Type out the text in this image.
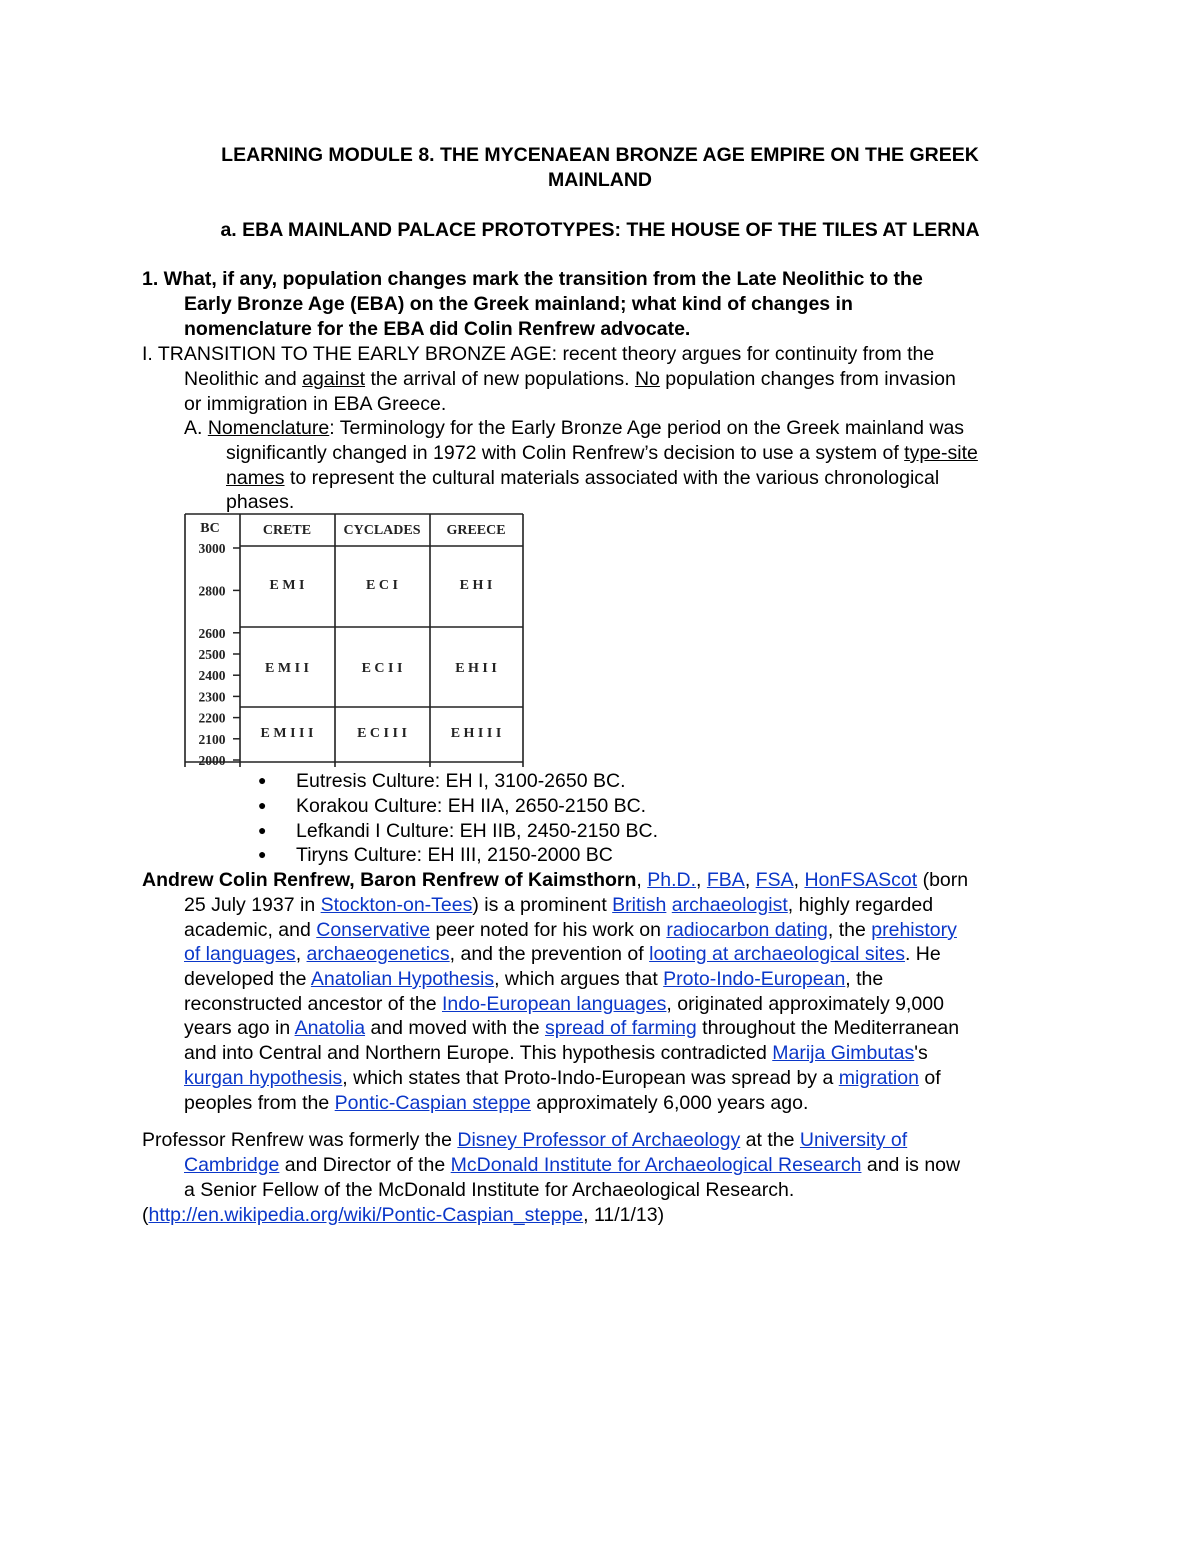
LEARNING MODULE 8. THE MYCENAEAN BRONZE AGE EMPIRE ON THE GREEK
MAINLAND
a. EBA MAINLAND PALACE PROTOTYPES: THE HOUSE OF THE TILES AT LERNA
1. What, if any, population changes mark the transition from the Late Neolithic to the
Early Bronze Age (EBA) on the Greek mainland; what kind of changes in
nomenclature for the EBA did Colin Renfrew advocate.
I. TRANSITION TO THE EARLY BRONZE AGE: recent theory argues for continuity from the
Neolithic and against the arrival of new populations. No population changes from invasion
or immigration in EBA Greece.
A. Nomenclature: Terminology for the Early Bronze Age period on the Greek mainland was
significantly changed in 1972 with Colin Renfrew’s decision to use a system of type-site
names to represent the cultural materials associated with the various chronological
phases.
BC	CRETE CYCLADES GREECE
3000
2800
2600
2500
2400
2300
2200
2100
2000
E M I	E C I	E H I
E M I I	E C I I	E H I I
E M I I I	E C I I I	E H I I I
● Eutresis Culture: EH I, 3100-2650 BC.
● Korakou Culture: EH IIA, 2650-2150 BC.
● Lefkandi I Culture: EH IIB, 2450-2150 BC.
● Tiryns Culture: EH III, 2150-2000 BC
Andrew Colin Renfrew, Baron Renfrew of Kaimsthorn, Ph.D., FBA, FSA, HonFSAScot (born
25 July 1937 in Stockton-on-Tees) is a prominent British archaeologist, highly regarded
academic, and Conservative peer noted for his work on radiocarbon dating, the prehistory
of languages, archaeogenetics, and the prevention of looting at archaeological sites. He
developed the Anatolian Hypothesis, which argues that Proto-Indo-European, the
reconstructed ancestor of the Indo-European languages, originated approximately 9,000
years ago in Anatolia and moved with the spread of farming throughout the Mediterranean
and into Central and Northern Europe. This hypothesis contradicted Marija Gimbutas's
kurgan hypothesis, which states that Proto-Indo-European was spread by a migration of
peoples from the Pontic-Caspian steppe approximately 6,000 years ago.
Professor Renfrew was formerly the Disney Professor of Archaeology at the University of
Cambridge and Director of the McDonald Institute for Archaeological Research and is now
a Senior Fellow of the McDonald Institute for Archaeological Research.
(http://en.wikipedia.org/wiki/Pontic-Caspian_steppe, 11/1/13)
